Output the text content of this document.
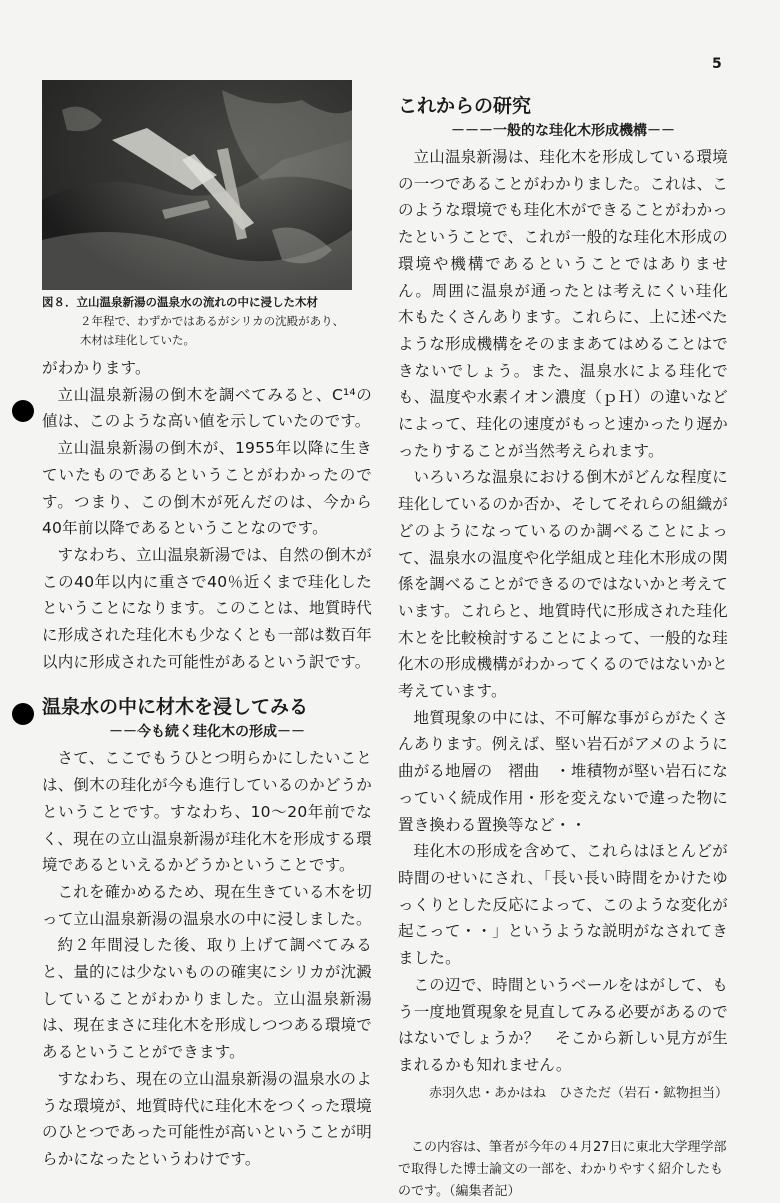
5
図８．立山温泉新湯の温泉水の流れの中に浸した木材
２年程で、わずかではあるがシリカの沈殿があり、
木材は珪化していた。

がわかります。

立山温泉新湯の倒木を調べてみると、C¹⁴の値は、このような高い値を示していたのです。

立山温泉新湯の倒木が、1955年以降に生きていたものであるということがわかったのです。つまり、この倒木が死んだのは、今から40年前以降であるということなのです。

すなわち、立山温泉新湯では、自然の倒木がこの40年以内に重さで40％近くまで珪化したということになります。このことは、地質時代に形成された珪化木も少なくとも一部は数百年以内に形成された可能性があるという訳です。

温泉水の中に材木を浸してみる
－－今も続く珪化木の形成－－

さて、ここでもうひとつ明らかにしたいことは、倒木の珪化が今も進行しているのかどうかということです。すなわち、10〜20年前でなく、現在の立山温泉新湯が珪化木を形成する環境であるといえるかどうかということです。

これを確かめるため、現在生きている木を切って立山温泉新湯の温泉水の中に浸しました。

約２年間浸した後、取り上げて調べてみると、量的には少ないものの確実にシリカが沈澱していることがわかりました。立山温泉新湯は、現在まさに珪化木を形成しつつある環境であるということができます。

すなわち、現在の立山温泉新湯の温泉水のような環境が、地質時代に珪化木をつくった環境のひとつであった可能性が高いということが明らかになったというわけです。

これからの研究
－－－一般的な珪化木形成機構－－

立山温泉新湯は、珪化木を形成している環境の一つであることがわかりました。これは、このような環境でも珪化木ができることがわかったということで、これが一般的な珪化木形成の環境や機構であるということではありません。周囲に温泉が通ったとは考えにくい珪化木もたくさんあります。これらに、上に述べたような形成機構をそのままあてはめることはできないでしょう。また、温泉水による珪化でも、温度や水素イオン濃度（ｐＨ）の違いなどによって、珪化の速度がもっと速かったり遅かったりすることが当然考えられます。

いろいろな温泉における倒木がどんな程度に珪化しているのか否か、そしてそれらの組織がどのようになっているのか調べることによって、温泉水の温度や化学組成と珪化木形成の関係を調べることができるのではないかと考えています。これらと、地質時代に形成された珪化木とを比較検討することによって、一般的な珪化木の形成機構がわかってくるのではないかと考えています。

地質現象の中には、不可解な事がらがたくさんあります。例えば、堅い岩石がアメのように曲がる地層の　褶曲　・堆積物が堅い岩石になっていく続成作用・形を変えないで違った物に置き換わる置換等など・・

珪化木の形成を含めて、これらはほとんどが時間のせいにされ、「長い長い時間をかけたゆっくりとした反応によって、このような変化が起こって・・」というような説明がなされてきました。

この辺で、時間というベールをはがして、もう一度地質現象を見直してみる必要があるのではないでしょうか？　そこから新しい見方が生まれるかも知れません。

赤羽久忠・あかはね　ひさただ（岩石・鉱物担当）
この内容は、筆者が今年の４月27日に東北大学理学部で取得した博士論文の一部を、わかりやすく紹介したものです。（編集者記）
